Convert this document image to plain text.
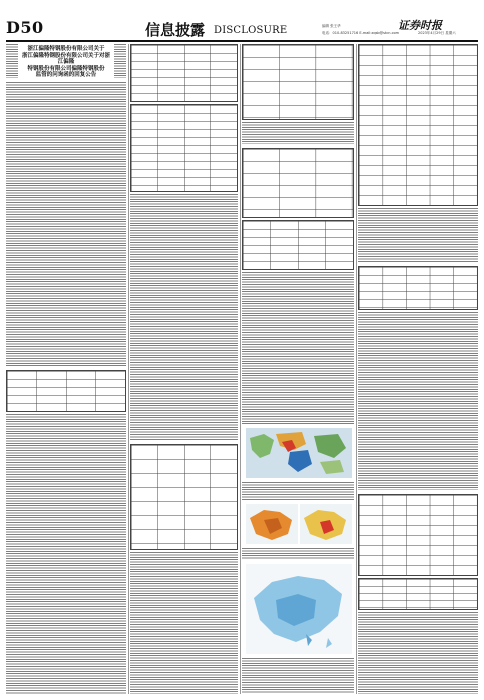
D50	信息披露 DISCLOSURE	编辑 张王华
电话：010-83251716 E-mail:zqsb@stcn.com
证券时报
2023年4月29日 星期六
浙江偏隆特钢股份有限公司关于
浙江偏隆特钢股份有限公司关于对浙江偏隆
特钢股份有限公司偏隆特钢股份
监管的问询函的回复公告
